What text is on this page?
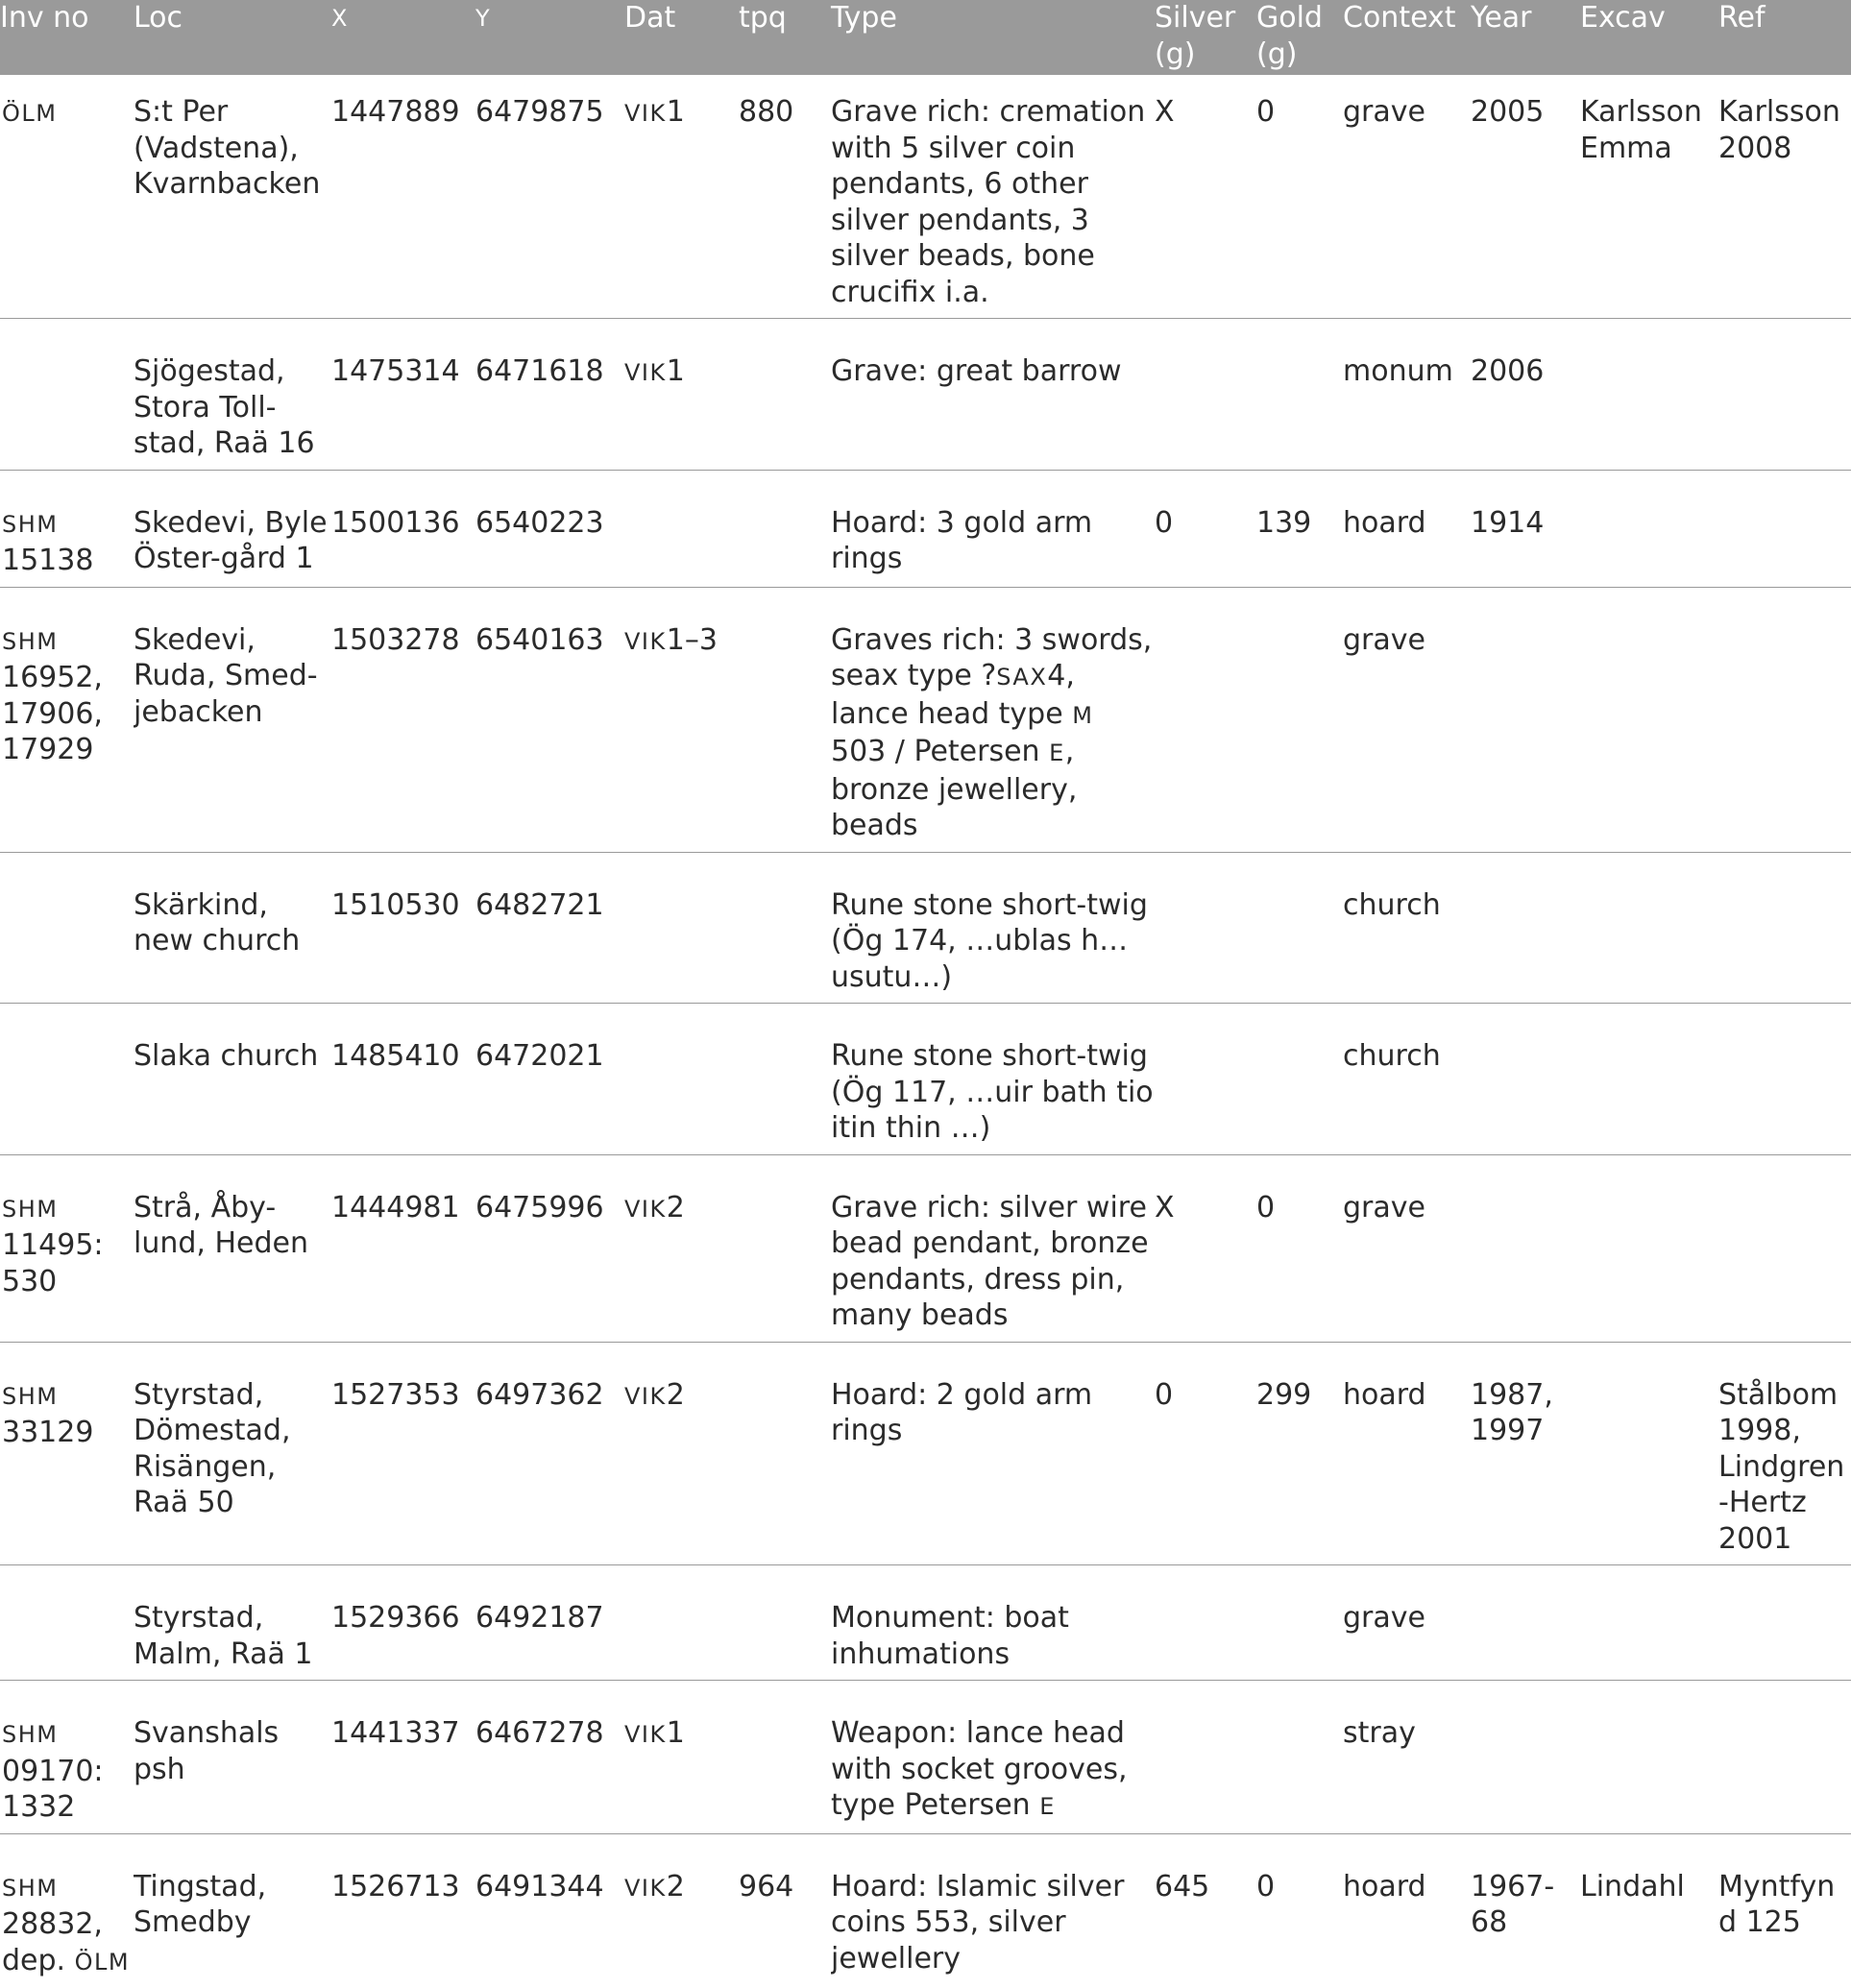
Inv no	Loc	X	Y	Dat	tpq	Type	Silver (g)	Gold (g)	Context	Year	Excav	Ref
ÖLM	S:t Per (Vadstena), Kvarnbacken	1447889	6479875	VIK1	880	Grave rich: cremation with 5 silver coin pendants, 6 other silver pendants, 3 silver beads, bone crucifix i.a.	X	0	grave	2005	Karlsson Emma	Karlsson 2008
	Sjögestad, Stora Toll-stad, Raä 16	1475314	6471618	VIK1		Grave: great barrow			monum	2006		
SHM 15138	Skedevi, Byle Öster-gård 1	1500136	6540223			Hoard: 3 gold arm rings	0	139	hoard	1914		
SHM 16952, 17906, 17929	Skedevi, Ruda, Smed-jebacken	1503278	6540163	VIK1–3		Graves rich: 3 swords, seax type ?SAX4, lance head type M 503 / Petersen E, bronze jewellery, beads			grave			
	Skärkind, new church	1510530	6482721			Rune stone short-twig (Ög 174, …ublas h… usutu…)			church			
	Slaka church	1485410	6472021			Rune stone short-twig (Ög 117, …uir bath tio itin thin …)			church			
SHM 11495: 530	Strå, Åby-lund, Heden	1444981	6475996	VIK2		Grave rich: silver wire bead pendant, bronze pendants, dress pin, many beads	X	0	grave			
SHM 33129	Styrstad, Dömestad, Risängen, Raä 50	1527353	6497362	VIK2		Hoard: 2 gold arm rings	0	299	hoard	1987, 1997		Stålbom 1998, Lindgren-Hertz 2001
	Styrstad, Malm, Raä 1	1529366	6492187			Monument: boat inhumations			grave			
SHM 09170: 1332	Svanshals psh	1441337	6467278	VIK1		Weapon: lance head with socket grooves, type Petersen E			stray			
SHM 28832, dep. ÖLM	Tingstad, Smedby	1526713	6491344	VIK2	964	Hoard: Islamic silver coins 553, silver jewellery	645	0	hoard	1967-68	Lindahl	Myntfynd 125
